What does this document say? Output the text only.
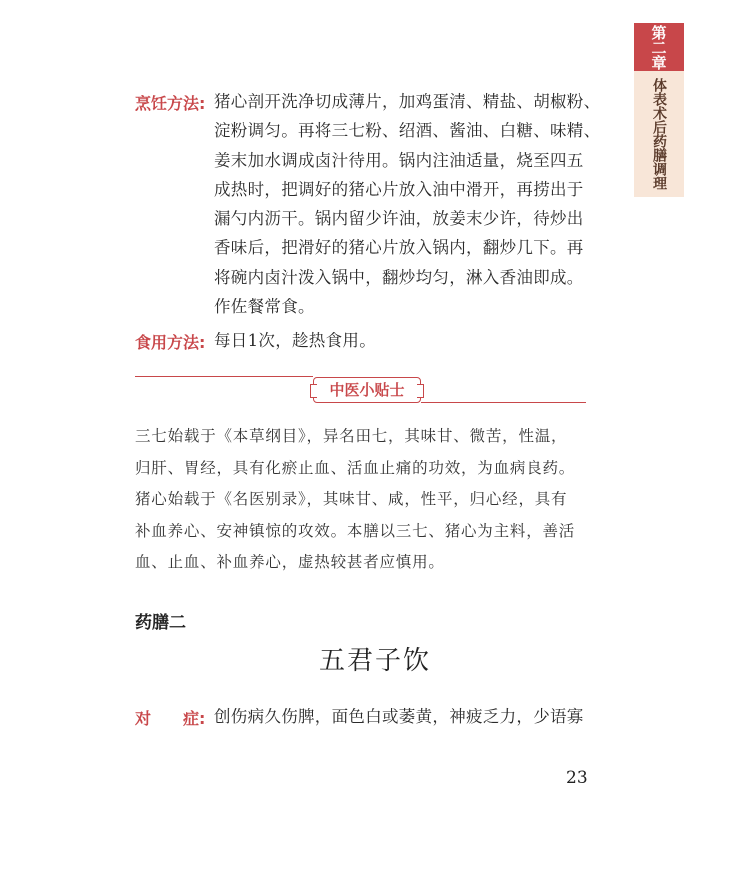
第二章
体表术后药膳调理
烹饪方法: 猪心剖开洗净切成薄片，加鸡蛋清、精盐、胡椒粉、

淀粉调匀。再将三七粉、绍酒、酱油、白糖、味精、

姜末加水调成卤汁待用。锅内注油适量，烧至四五

成热时，把调好的猪心片放入油中滑开，再捞出于

漏勺内沥干。锅内留少许油，放姜末少许，待炒出

香味后，把滑好的猪心片放入锅内，翻炒几下。再

将碗内卤汁泼入锅中，翻炒均匀，淋入香油即成。

作佐餐常食。

食用方法: 每日1次，趁热食用。

中医小贴士

三七始载于《本草纲目》，异名田七，其味甘、微苦，性温，

归肝、胃经，具有化瘀止血、活血止痛的功效，为血病良药。

猪心始载于《名医别录》，其味甘、咸，性平，归心经，具有

补血养心、安神镇惊的攻效。本膳以三七、猪心为主料，善活

血、止血、补血养心，虚热较甚者应慎用。

药膳二
五君子饮
对　　症: 创伤病久伤脾，面色白或萎黄，神疲乏力，少语寡

23
